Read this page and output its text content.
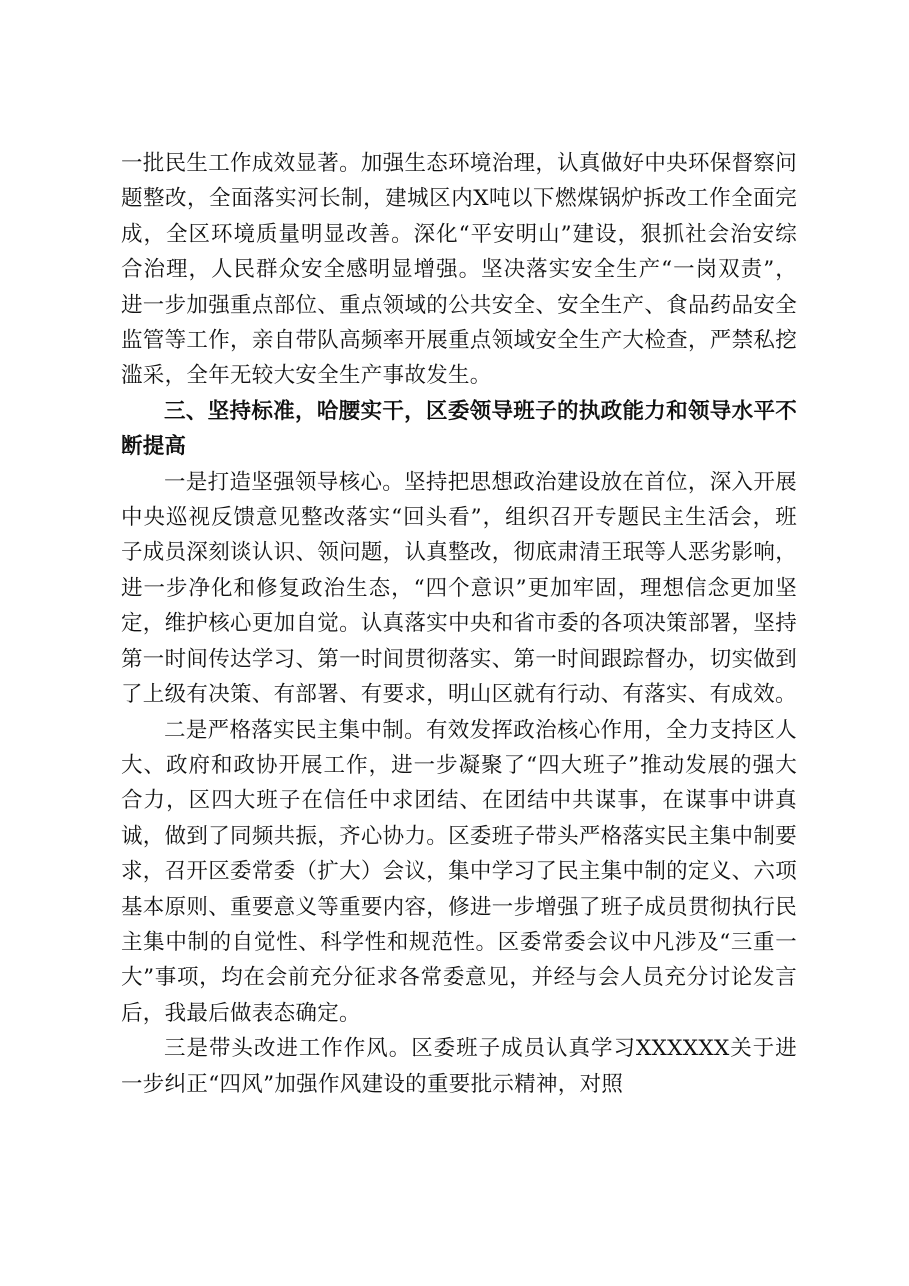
一批民生工作成效显著。加强生态环境治理，认真做好中央环保督察问题整改，全面落实河长制，建城区内X吨以下燃煤锅炉拆改工作全面完成，全区环境质量明显改善。深化“平安明山”建设，狠抓社会治安综合治理，人民群众安全感明显增强。坚决落实安全生产“一岗双责”，进一步加强重点部位、重点领域的公共安全、安全生产、食品药品安全监管等工作，亲自带队高频率开展重点领域安全生产大检查，严禁私挖滥采，全年无较大安全生产事故发生。

三、坚持标准，哈腰实干，区委领导班子的执政能力和领导水平不断提高

一是打造坚强领导核心。坚持把思想政治建设放在首位，深入开展中央巡视反馈意见整改落实“回头看”，组织召开专题民主生活会，班子成员深刻谈认识、领问题，认真整改，彻底肃清王珉等人恶劣影响，进一步净化和修复政治生态，“四个意识”更加牢固，理想信念更加坚定，维护核心更加自觉。认真落实中央和省市委的各项决策部署，坚持第一时间传达学习、第一时间贯彻落实、第一时间跟踪督办，切实做到了上级有决策、有部署、有要求，明山区就有行动、有落实、有成效。

二是严格落实民主集中制。有效发挥政治核心作用，全力支持区人大、政府和政协开展工作，进一步凝聚了“四大班子”推动发展的强大合力，区四大班子在信任中求团结、在团结中共谋事，在谋事中讲真诚，做到了同频共振，齐心协力。区委班子带头严格落实民主集中制要求，召开区委常委（扩大）会议，集中学习了民主集中制的定义、六项基本原则、重要意义等重要内容，修进一步增强了班子成员贯彻执行民主集中制的自觉性、科学性和规范性。区委常委会议中凡涉及“三重一大”事项，均在会前充分征求各常委意见，并经与会人员充分讨论发言后，我最后做表态确定。

三是带头改进工作作风。区委班子成员认真学习XXXXXX关于进一步纠正“四风”加强作风建设的重要批示精神，对照
